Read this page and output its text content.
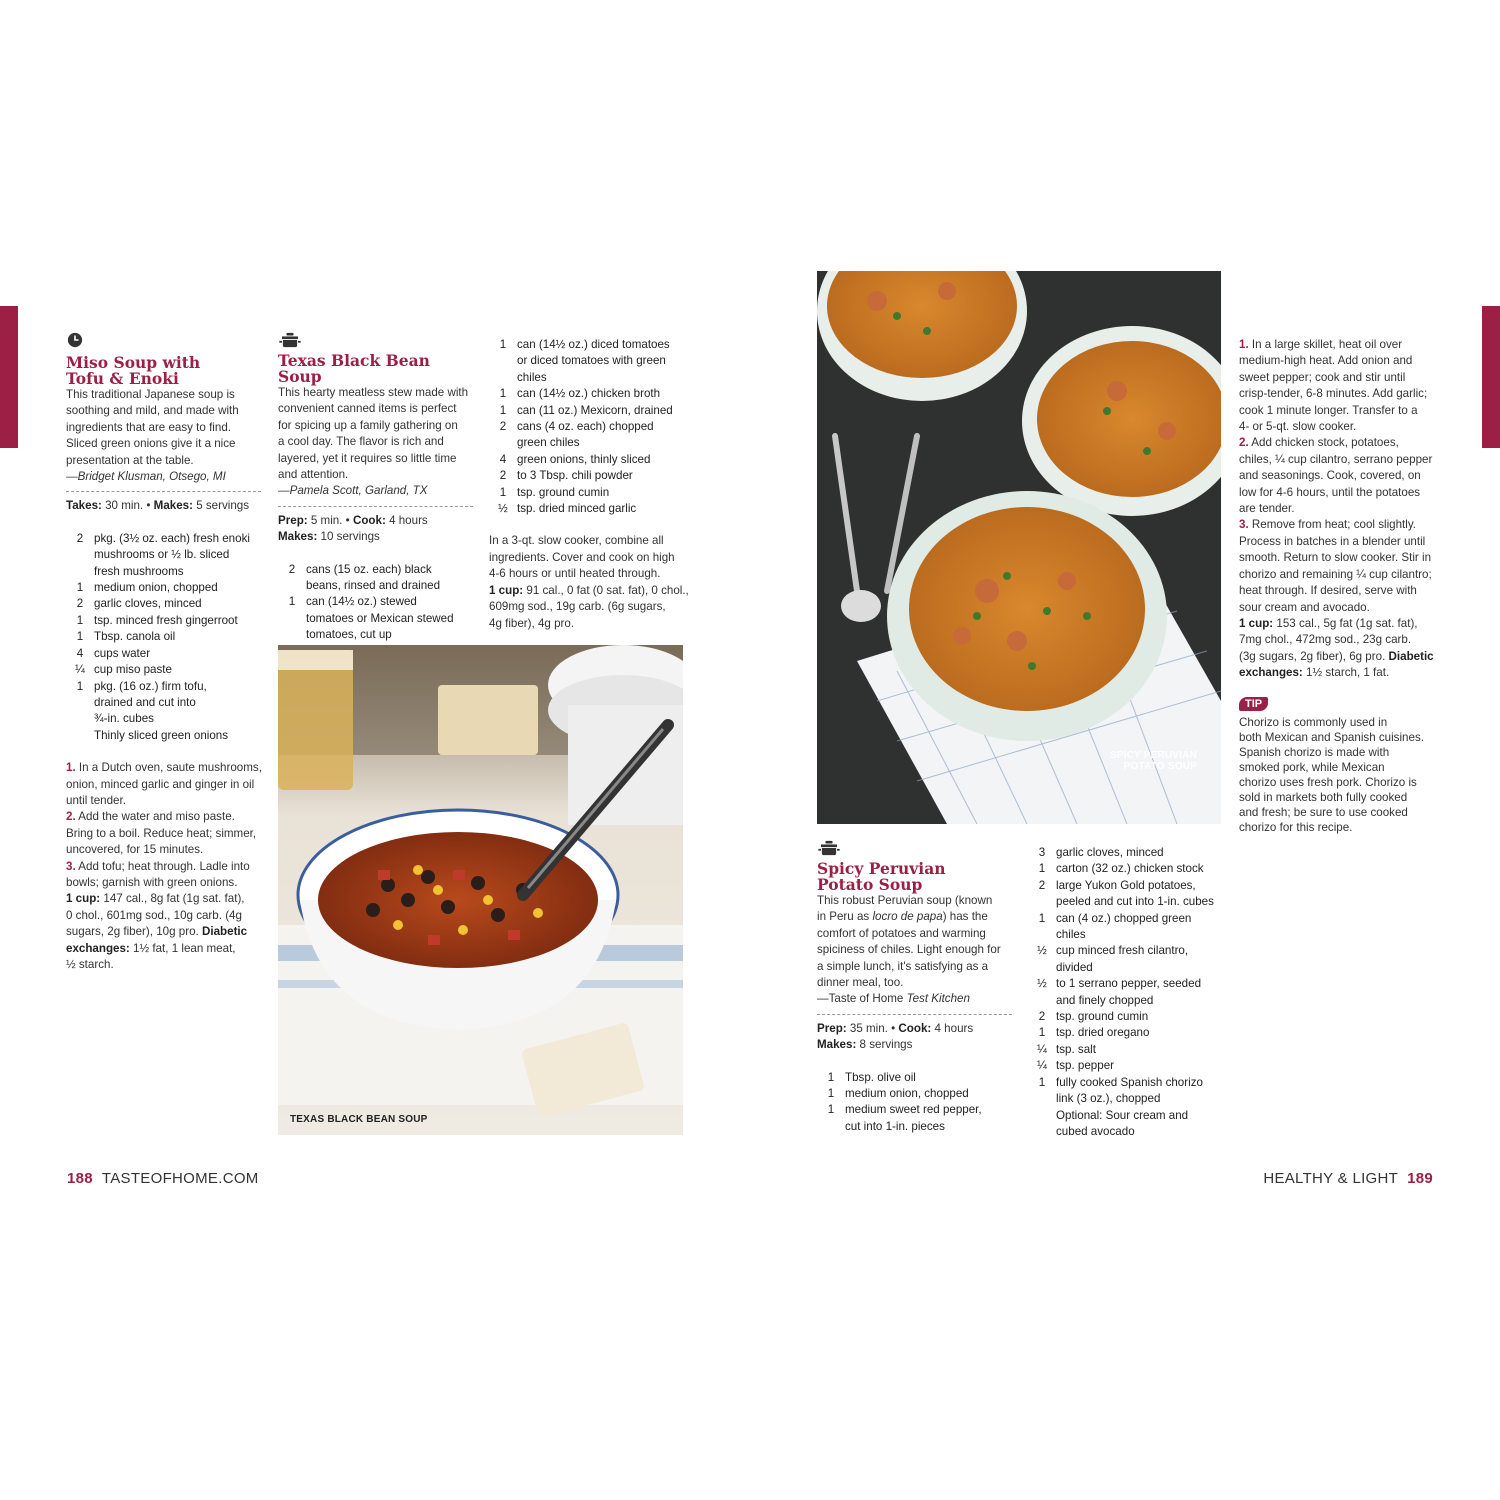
Miso Soup with
Tofu & Enoki
This traditional Japanese soup is
soothing and mild, and made with
ingredients that are easy to find.
Sliced green onions give it a nice
presentation at the table.
—Bridget Klusman, Otsego, MI
Takes: 30 min. • Makes: 5 servings
2 pkg. (3½ oz. each) fresh enoki
mushrooms or ½ lb. sliced
fresh mushrooms
1 medium onion, chopped
2 garlic cloves, minced
1 tsp. minced fresh gingerroot
1 Tbsp. canola oil
4 cups water
¼ cup miso paste
1 pkg. (16 oz.) firm tofu,
drained and cut into
¾-in. cubes
Thinly sliced green onions

1. In a Dutch oven, saute mushrooms,

onion, minced garlic and ginger in oil

until tender.

2. Add the water and miso paste.

Bring to a boil. Reduce heat; simmer,

uncovered, for 15 minutes.

3. Add tofu; heat through. Ladle into

bowls; garnish with green onions.

1 cup: 147 cal., 8g fat (1g sat. fat),

0 chol., 601mg sod., 10g carb. (4g

sugars, 2g fiber), 10g pro. Diabetic

exchanges: 1½ fat, 1 lean meat,

½ starch.

Texas Black Bean Soup
This hearty meatless stew made with
convenient canned items is perfect
for spicing up a family gathering on
a cool day. The flavor is rich and
layered, yet it requires so little time
and attention.
—Pamela Scott, Garland, TX
Prep: 5 min. • Cook: 4 hours
Makes: 10 servings
2 cans (15 oz. each) black
beans, rinsed and drained
1 can (14½ oz.) stewed
tomatoes or Mexican stewed
tomatoes, cut up
1 can (14½ oz.) diced tomatoes
or diced tomatoes with green
chiles
1 can (14½ oz.) chicken broth
1 can (11 oz.) Mexicorn, drained
2 cans (4 oz. each) chopped
green chiles
4 green onions, thinly sliced
2 to 3 Tbsp. chili powder
1 tsp. ground cumin
½ tsp. dried minced garlic

In a 3-qt. slow cooker, combine all

ingredients. Cover and cook on high

4-6 hours or until heated through.

1 cup: 91 cal., 0 fat (0 sat. fat), 0 chol.,

609mg sod., 19g carb. (6g sugars,

4g fiber), 4g pro.

TEXAS BLACK BEAN SOUP
SPICY PERUVIAN
POTATO SOUP
Spicy Peruvian
Potato Soup
This robust Peruvian soup (known
in Peru as locro de papa) has the
comfort of potatoes and warming
spiciness of chiles. Light enough for
a simple lunch, it's satisfying as a
dinner meal, too.
—Taste of Home Test Kitchen
Prep: 35 min. • Cook: 4 hours
Makes: 8 servings
1 Tbsp. olive oil
1 medium onion, chopped
1 medium sweet red pepper,
cut into 1-in. pieces
3 garlic cloves, minced
1 carton (32 oz.) chicken stock
2 large Yukon Gold potatoes,
peeled and cut into 1-in. cubes
1 can (4 oz.) chopped green
chiles
½ cup minced fresh cilantro,
divided
½ to 1 serrano pepper, seeded
and finely chopped
2 tsp. ground cumin
1 tsp. dried oregano
¼ tsp. salt
¼ tsp. pepper
1 fully cooked Spanish chorizo
link (3 oz.), chopped
Optional: Sour cream and
cubed avocado

1. In a large skillet, heat oil over

medium-high heat. Add onion and

sweet pepper; cook and stir until

crisp-tender, 6-8 minutes. Add garlic;

cook 1 minute longer. Transfer to a

4- or 5-qt. slow cooker.

2. Add chicken stock, potatoes,

chiles, ¼ cup cilantro, serrano pepper

and seasonings. Cook, covered, on

low for 4-6 hours, until the potatoes

are tender.

3. Remove from heat; cool slightly.

Process in batches in a blender until

smooth. Return to slow cooker. Stir in

chorizo and remaining ¼ cup cilantro;

heat through. If desired, serve with

sour cream and avocado.

1 cup: 153 cal., 5g fat (1g sat. fat),

7mg chol., 472mg sod., 23g carb.

(3g sugars, 2g fiber), 6g pro. Diabetic

exchanges: 1½ starch, 1 fat.

TIP
Chorizo is commonly used in
both Mexican and Spanish cuisines.
Spanish chorizo is made with
smoked pork, while Mexican
chorizo uses fresh pork. Chorizo is
sold in markets both fully cooked
and fresh; be sure to use cooked
chorizo for this recipe.
188 TASTEOFHOME.COM	HEALTHY & LIGHT 189
